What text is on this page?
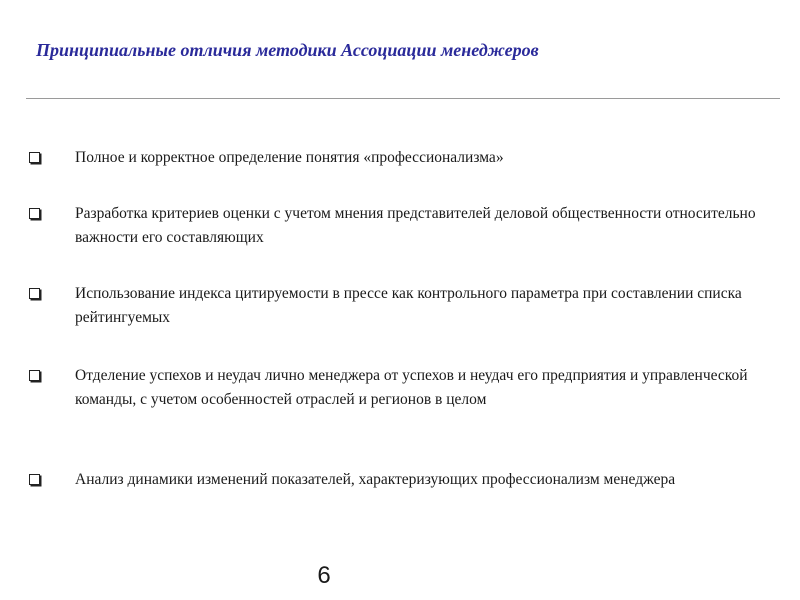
Принципиальные отличия методики Ассоциации менеджеров
Полное и корректное определение понятия «профессионализма»
Разработка критериев оценки с учетом мнения представителей деловой общественности относительно важности его составляющих
Использование индекса цитируемости в прессе как контрольного параметра при составлении списка рейтингуемых
Отделение успехов и неудач лично менеджера от успехов и неудач его предприятия и управленческой команды, с учетом особенностей отраслей и регионов в целом
Анализ динамики изменений показателей, характеризующих профессионализм менеджера
6
